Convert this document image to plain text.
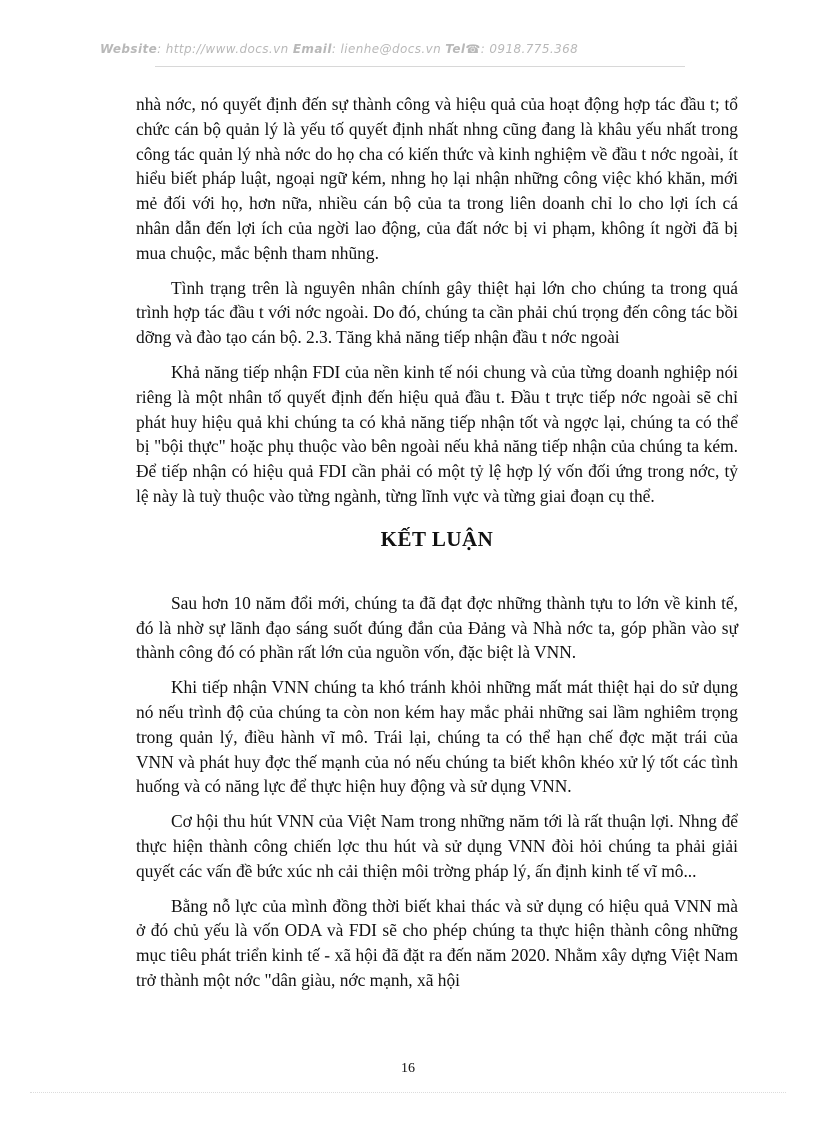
Website: http://www.docs.vn Email: lienhe@docs.vn Tel☎: 0918.775.368

nhà nớc, nó quyết định đến sự thành công và hiệu quả của hoạt động hợp tác đầu t; tổ chức cán bộ quản lý là yếu tố quyết định nhất nhng cũng đang là khâu yếu nhất trong công tác quản lý nhà nớc do họ cha có kiến thức và kinh nghiệm về đầu t nớc ngoài, ít hiểu biết pháp luật, ngoại ngữ kém, nhng họ lại nhận những công việc khó khăn, mới mẻ đối với họ, hơn nữa, nhiều cán bộ của ta trong liên doanh chỉ lo cho lợi ích cá nhân dẫn đến lợi ích của ngời lao động, của đất nớc bị vi phạm, không ít ngời đã bị mua chuộc, mắc bệnh tham nhũng.

Tình trạng trên là nguyên nhân chính gây thiệt hại lớn cho chúng ta trong quá trình hợp tác đầu t với nớc ngoài. Do đó, chúng ta cần phải chú trọng đến công tác bồi dỡng và đào tạo cán bộ. 2.3. Tăng khả năng tiếp nhận đầu t nớc ngoài

Khả năng tiếp nhận FDI của nền kinh tế nói chung và của từng doanh nghiệp nói riêng là một nhân tố quyết định đến hiệu quả đầu t. Đầu t trực tiếp nớc ngoài sẽ chỉ phát huy hiệu quả khi chúng ta có khả năng tiếp nhận tốt và ngợc lại, chúng ta có thể bị "bội thực" hoặc phụ thuộc vào bên ngoài nếu khả năng tiếp nhận của chúng ta kém. Để tiếp nhận có hiệu quả FDI cần phải có một tỷ lệ hợp lý vốn đối ứng trong nớc, tỷ lệ này là tuỳ thuộc vào từng ngành, từng lĩnh vực và từng giai đoạn cụ thể.

KẾT LUẬN

Sau hơn 10 năm đổi mới, chúng ta đã đạt đợc những thành tựu to lớn về kinh tế, đó là nhờ sự lãnh đạo sáng suốt đúng đắn của Đảng và Nhà nớc ta, góp phần vào sự thành công đó có phần rất lớn của nguồn vốn, đặc biệt là VNN.

Khi tiếp nhận VNN chúng ta khó tránh khỏi những mất mát thiệt hại do sử dụng nó nếu trình độ của chúng ta còn non kém hay mắc phải những sai lầm nghiêm trọng trong quản lý, điều hành vĩ mô. Trái lại, chúng ta có thể hạn chế đợc mặt trái của VNN và phát huy đợc thế mạnh của nó nếu chúng ta biết khôn khéo xử lý tốt các tình huống và có năng lực để thực hiện huy động và sử dụng VNN.

Cơ hội thu hút VNN của Việt Nam trong những năm tới là rất thuận lợi. Nhng để thực hiện thành công chiến lợc thu hút và sử dụng VNN đòi hỏi chúng ta phải giải quyết các vấn đề bức xúc nh cải thiện môi trờng pháp lý, ấn định kinh tế vĩ mô...

Bằng nỗ lực của mình đồng thời biết khai thác và sử dụng có hiệu quả VNN mà ở đó chủ yếu là vốn ODA và FDI sẽ cho phép chúng ta thực hiện thành công những mục tiêu phát triển kinh tế - xã hội đã đặt ra đến năm 2020. Nhằm xây dựng Việt Nam trở thành một nớc "dân giàu, nớc mạnh, xã hội

16
